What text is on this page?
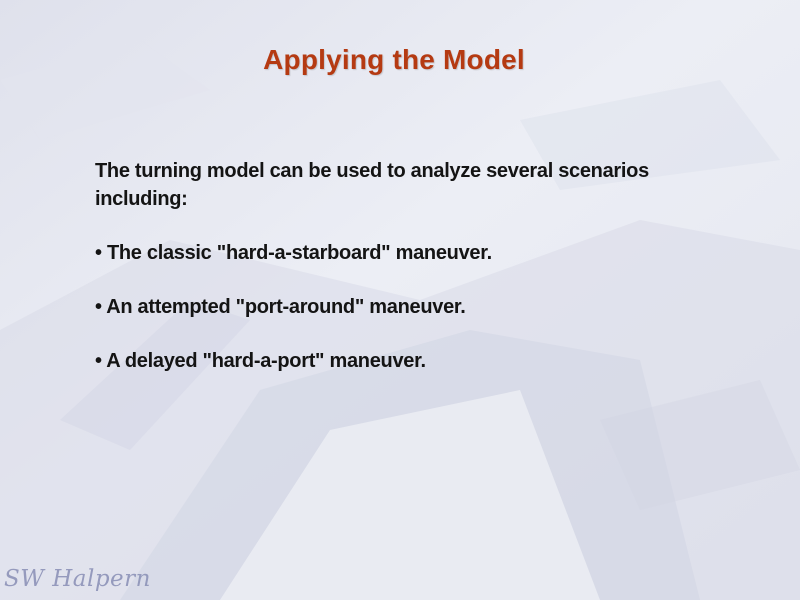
Applying the Model

The turning model can be used to analyze several scenarios including:

• The classic "hard-a-starboard" maneuver.

• An attempted "port-around" maneuver.

• A delayed "hard-a-port" maneuver.

SW Halpern
